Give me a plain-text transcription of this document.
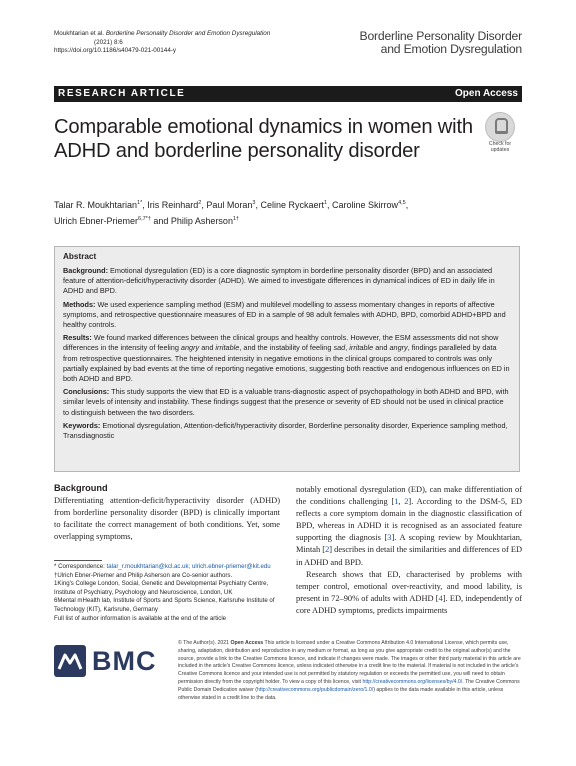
Moukhtarian et al. Borderline Personality Disorder and Emotion Dysregulation
(2021) 8:6
https://doi.org/10.1186/s40479-021-00144-y
Borderline Personality Disorder
and Emotion Dysregulation
RESEARCH ARTICLE	Open Access
Comparable emotional dynamics in women with ADHD and borderline personality disorder	Check for
updates
Talar R. Moukhtarian$^{1*}$, Iris Reinhard$^2$, Paul Moran$^3$, Celine Ryckaert$^1$, Caroline Skirrow$^{4,5}$,
Ulrich Ebner-Priemer$^{6,7*\dagger}$ and Philip Asherson$^{1\dagger}$
Abstract

Background: Emotional dysregulation (ED) is a core diagnostic symptom in borderline personality disorder (BPD) and an associated feature of attention-deficit/hyperactivity disorder (ADHD). We aimed to investigate differences in dynamical indices of ED in daily life in ADHD and BPD.

Methods: We used experience sampling method (ESM) and multilevel modelling to assess momentary changes in reports of affective symptoms, and retrospective questionnaire measures of ED in a sample of 98 adult females with ADHD, BPD, comorbid ADHD+BPD and healthy controls.

Results: We found marked differences between the clinical groups and healthy controls. However, the ESM assessments did not show differences in the intensity of feeling angry and irritable, and the instability of feeling sad, irritable and angry, findings paralleled by data from retrospective questionnaires. The heightened intensity in negative emotions in the clinical groups compared to controls was only partially explained by bad events at the time of reporting negative emotions, suggesting both reactive and endogenous influences on ED in both ADHD and BPD.

Conclusions: This study supports the view that ED is a valuable trans-diagnostic aspect of psychopathology in both ADHD and BPD, with similar levels of intensity and instability. These findings suggest that the presence or severity of ED should not be used in clinical practice to distinguish between the two disorders.

Keywords: Emotional dysregulation, Attention-deficit/hyperactivity disorder, Borderline personality disorder, Experience sampling method, Transdiagnostic

Background

Differentiating attention-deficit/hyperactivity disorder (ADHD) from borderline personality disorder (BPD) is clinically important to facilitate the correct management of both conditions. Yet, some overlapping symptoms,

notably emotional dysregulation (ED), can make differentiation of the conditions challenging [1, 2]. According to the DSM-5, ED reflects a core symptom domain in the diagnostic classification of BPD, whereas in ADHD it is recognised as an associated feature supporting the diagnosis [3]. A scoping review by Moukhtarian, Mintah [2] describes in detail the similarities and differences of ED in ADHD and BPD.

Research shows that ED, characterised by problems with temper control, emotional over-reactivity, and mood lability, is present in 72–90% of adults with ADHD [4]. ED, independently of core ADHD symptoms, predicts impairments

* Correspondence: talar_r.moukhtarian@kcl.ac.uk; ulrich.ebner-priemer@kit.edu
†Ulrich Ebner-Priemer and Philip Asherson are Co-senior authors.
1King's College London, Social, Genetic and Developmental Psychiatry Centre, Institute of Psychiatry, Psychology and Neuroscience, London, UK
6Mental mHealth lab, Institute of Sports and Sports Science, Karlsruhe Institute of Technology (KIT), Karlsruhe, Germany
Full list of author information is available at the end of the article
BMC
© The Author(s). 2021 Open Access This article is licensed under a Creative Commons Attribution 4.0 International License, which permits use, sharing, adaptation, distribution and reproduction in any medium or format, as long as you give appropriate credit to the original author(s) and the source, provide a link to the Creative Commons licence, and indicate if changes were made. The images or other third party material in this article are included in the article's Creative Commons licence, unless indicated otherwise in a credit line to the material. If material is not included in the article's Creative Commons licence and your intended use is not permitted by statutory regulation or exceeds the permitted use, you will need to obtain permission directly from the copyright holder. To view a copy of this licence, visit http://creativecommons.org/licenses/by/4.0/. The Creative Commons Public Domain Dedication waiver (http://creativecommons.org/publicdomain/zero/1.0/) applies to the data made available in this article, unless otherwise stated in a credit line to the data.
